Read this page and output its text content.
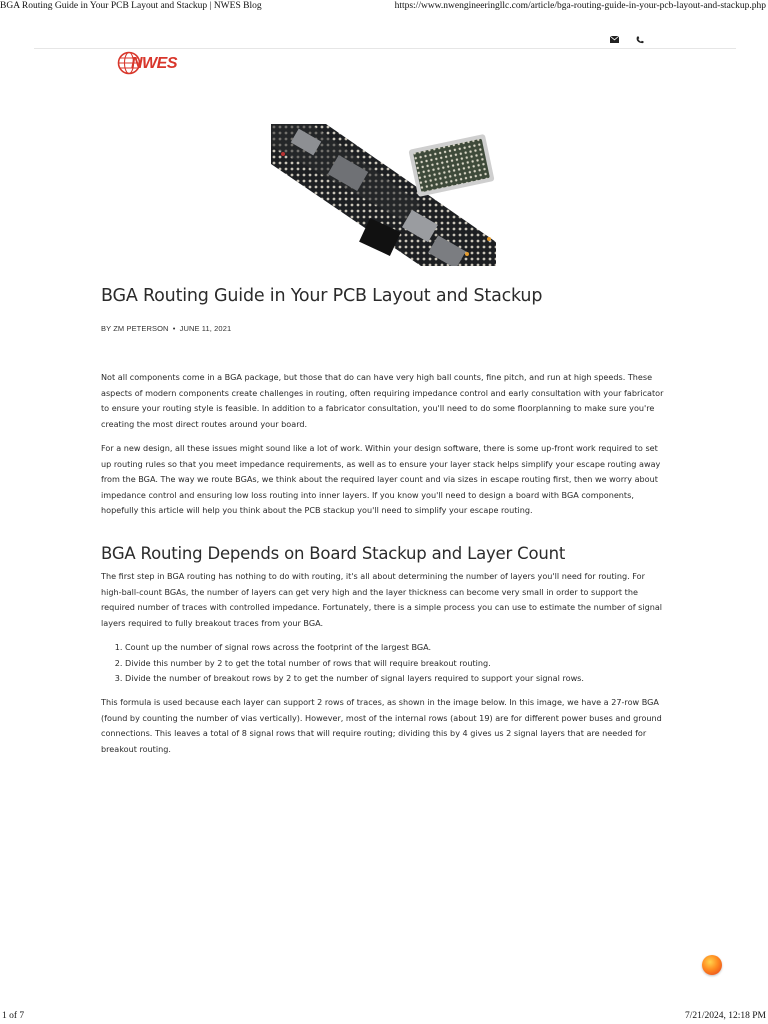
BGA Routing Guide in Your PCB Layout and Stackup | NWES Blog	https://www.nwengineeringllc.com/article/bga-routing-guide-in-your-pcb-layout-and-stackup.php
NWES
BGA Routing Guide in Your PCB Layout and Stackup
BY ZM PETERSON • JUNE 11, 2021

Not all components come in a BGA package, but those that do can have very high ball counts, fine pitch, and run at high speeds. These aspects of modern components create challenges in routing, often requiring impedance control and early consultation with your fabricator to ensure your routing style is feasible. In addition to a fabricator consultation, you'll need to do some floorplanning to make sure you're creating the most direct routes around your board.

For a new design, all these issues might sound like a lot of work. Within your design software, there is some up-front work required to set up routing rules so that you meet impedance requirements, as well as to ensure your layer stack helps simplify your escape routing away from the BGA. The way we route BGAs, we think about the required layer count and via sizes in escape routing first, then we worry about impedance control and ensuring low loss routing into inner layers. If you know you'll need to design a board with BGA components, hopefully this article will help you think about the PCB stackup you'll need to simplify your escape routing.

BGA Routing Depends on Board Stackup and Layer Count

The first step in BGA routing has nothing to do with routing, it's all about determining the number of layers you'll need for routing. For high-ball-count BGAs, the number of layers can get very high and the layer thickness can become very small in order to support the required number of traces with controlled impedance. Fortunately, there is a simple process you can use to estimate the number of signal layers required to fully breakout traces from your BGA.

1. Count up the number of signal rows across the footprint of the largest BGA.
2. Divide this number by 2 to get the total number of rows that will require breakout routing.
3. Divide the number of breakout rows by 2 to get the number of signal layers required to support your signal rows.

This formula is used because each layer can support 2 rows of traces, as shown in the image below. In this image, we have a 27-row BGA (found by counting the number of vias vertically). However, most of the internal rows (about 19) are for different power buses and ground connections. This leaves a total of 8 signal rows that will require routing; dividing this by 4 gives us 2 signal layers that are needed for breakout routing.

1 of 7	7/21/2024, 12:18 PM
